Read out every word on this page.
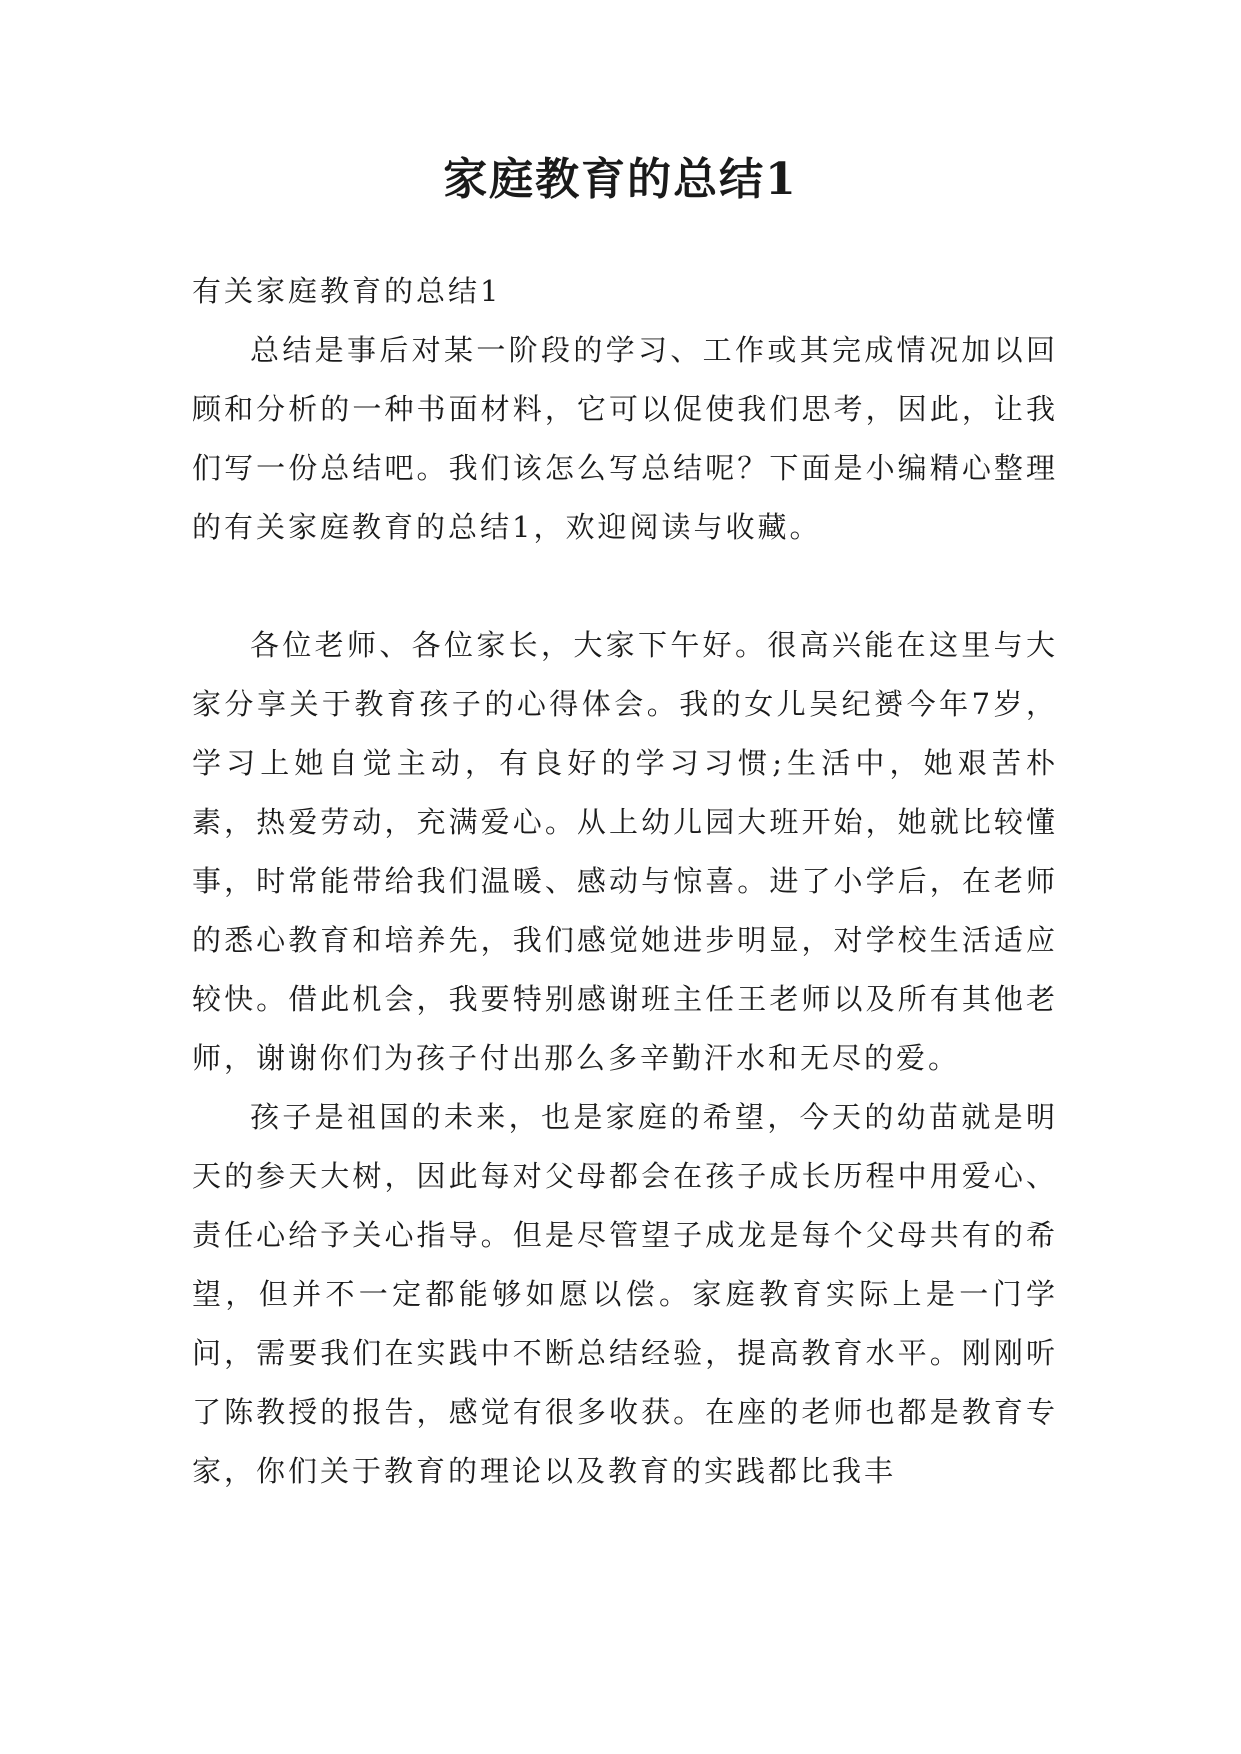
家庭教育的总结1

有关家庭教育的总结1

总结是事后对某一阶段的学习、工作或其完成情况加以回顾和分析的一种书面材料，它可以促使我们思考，因此，让我们写一份总结吧。我们该怎么写总结呢？下面是小编精心整理的有关家庭教育的总结1，欢迎阅读与收藏。

各位老师、各位家长，大家下午好。很高兴能在这里与大家分享关于教育孩子的心得体会。我的女儿吴纪赟今年7岁，学习上她自觉主动，有良好的学习习惯;生活中，她艰苦朴素，热爱劳动，充满爱心。从上幼儿园大班开始，她就比较懂事，时常能带给我们温暖、感动与惊喜。进了小学后，在老师的悉心教育和培养先，我们感觉她进步明显，对学校生活适应较快。借此机会，我要特别感谢班主任王老师以及所有其他老师，谢谢你们为孩子付出那么多辛勤汗水和无尽的爱。

孩子是祖国的未来，也是家庭的希望，今天的幼苗就是明天的参天大树，因此每对父母都会在孩子成长历程中用爱心、责任心给予关心指导。但是尽管望子成龙是每个父母共有的希望，但并不一定都能够如愿以偿。家庭教育实际上是一门学问，需要我们在实践中不断总结经验，提高教育水平。刚刚听了陈教授的报告，感觉有很多收获。在座的老师也都是教育专家，你们关于教育的理论以及教育的实践都比我丰
